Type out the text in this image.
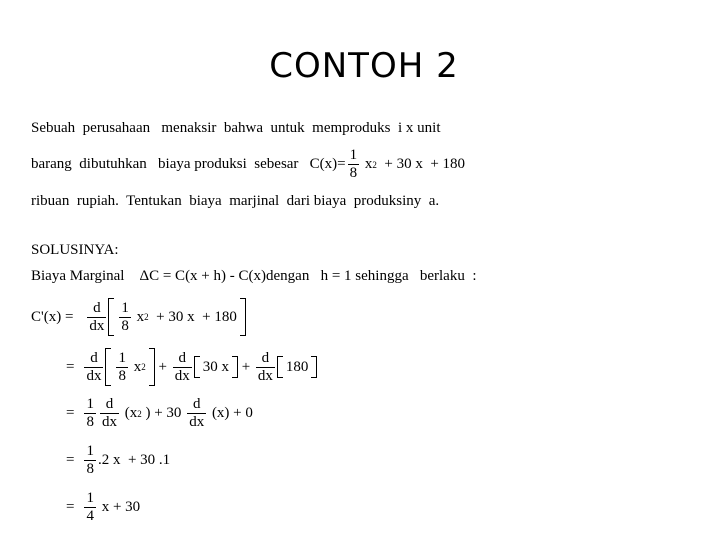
CONTOH 2
Sebuah  perusahaan   menaksir  bahwa  untuk  memproduks  i x unit
barang  dibutuhkan   biaya produksi  sebesar   $C(x)= \frac{1}{8}$ x 2 + 30 x  + 180
ribuan  rupiah.  Tentukan  biaya  marjinal  dari biaya  produksiny  a.
SOLUSINYA:
Biaya Marginal    ΔC = C(x + h) - C(x)dengan   h = 1 sehingga   berlaku  :
$C'(x) = \frac{d}{dx} \frac{1}{8}$ x 2 + 30 x  + 180
= $\frac{d}{dx} \frac{1}{8}$ x $2 + \frac{d}{dx} 30$ $x + \frac{d}{dx} 180$
= $\frac{1}{8} \frac{d}{dx} (x$ 2 ) + $30 \frac{d}{dx} (x) + 0$
= $\frac{1}{8} .2$ x  + 30 .1
= $\frac{1}{4}$ x + 30
